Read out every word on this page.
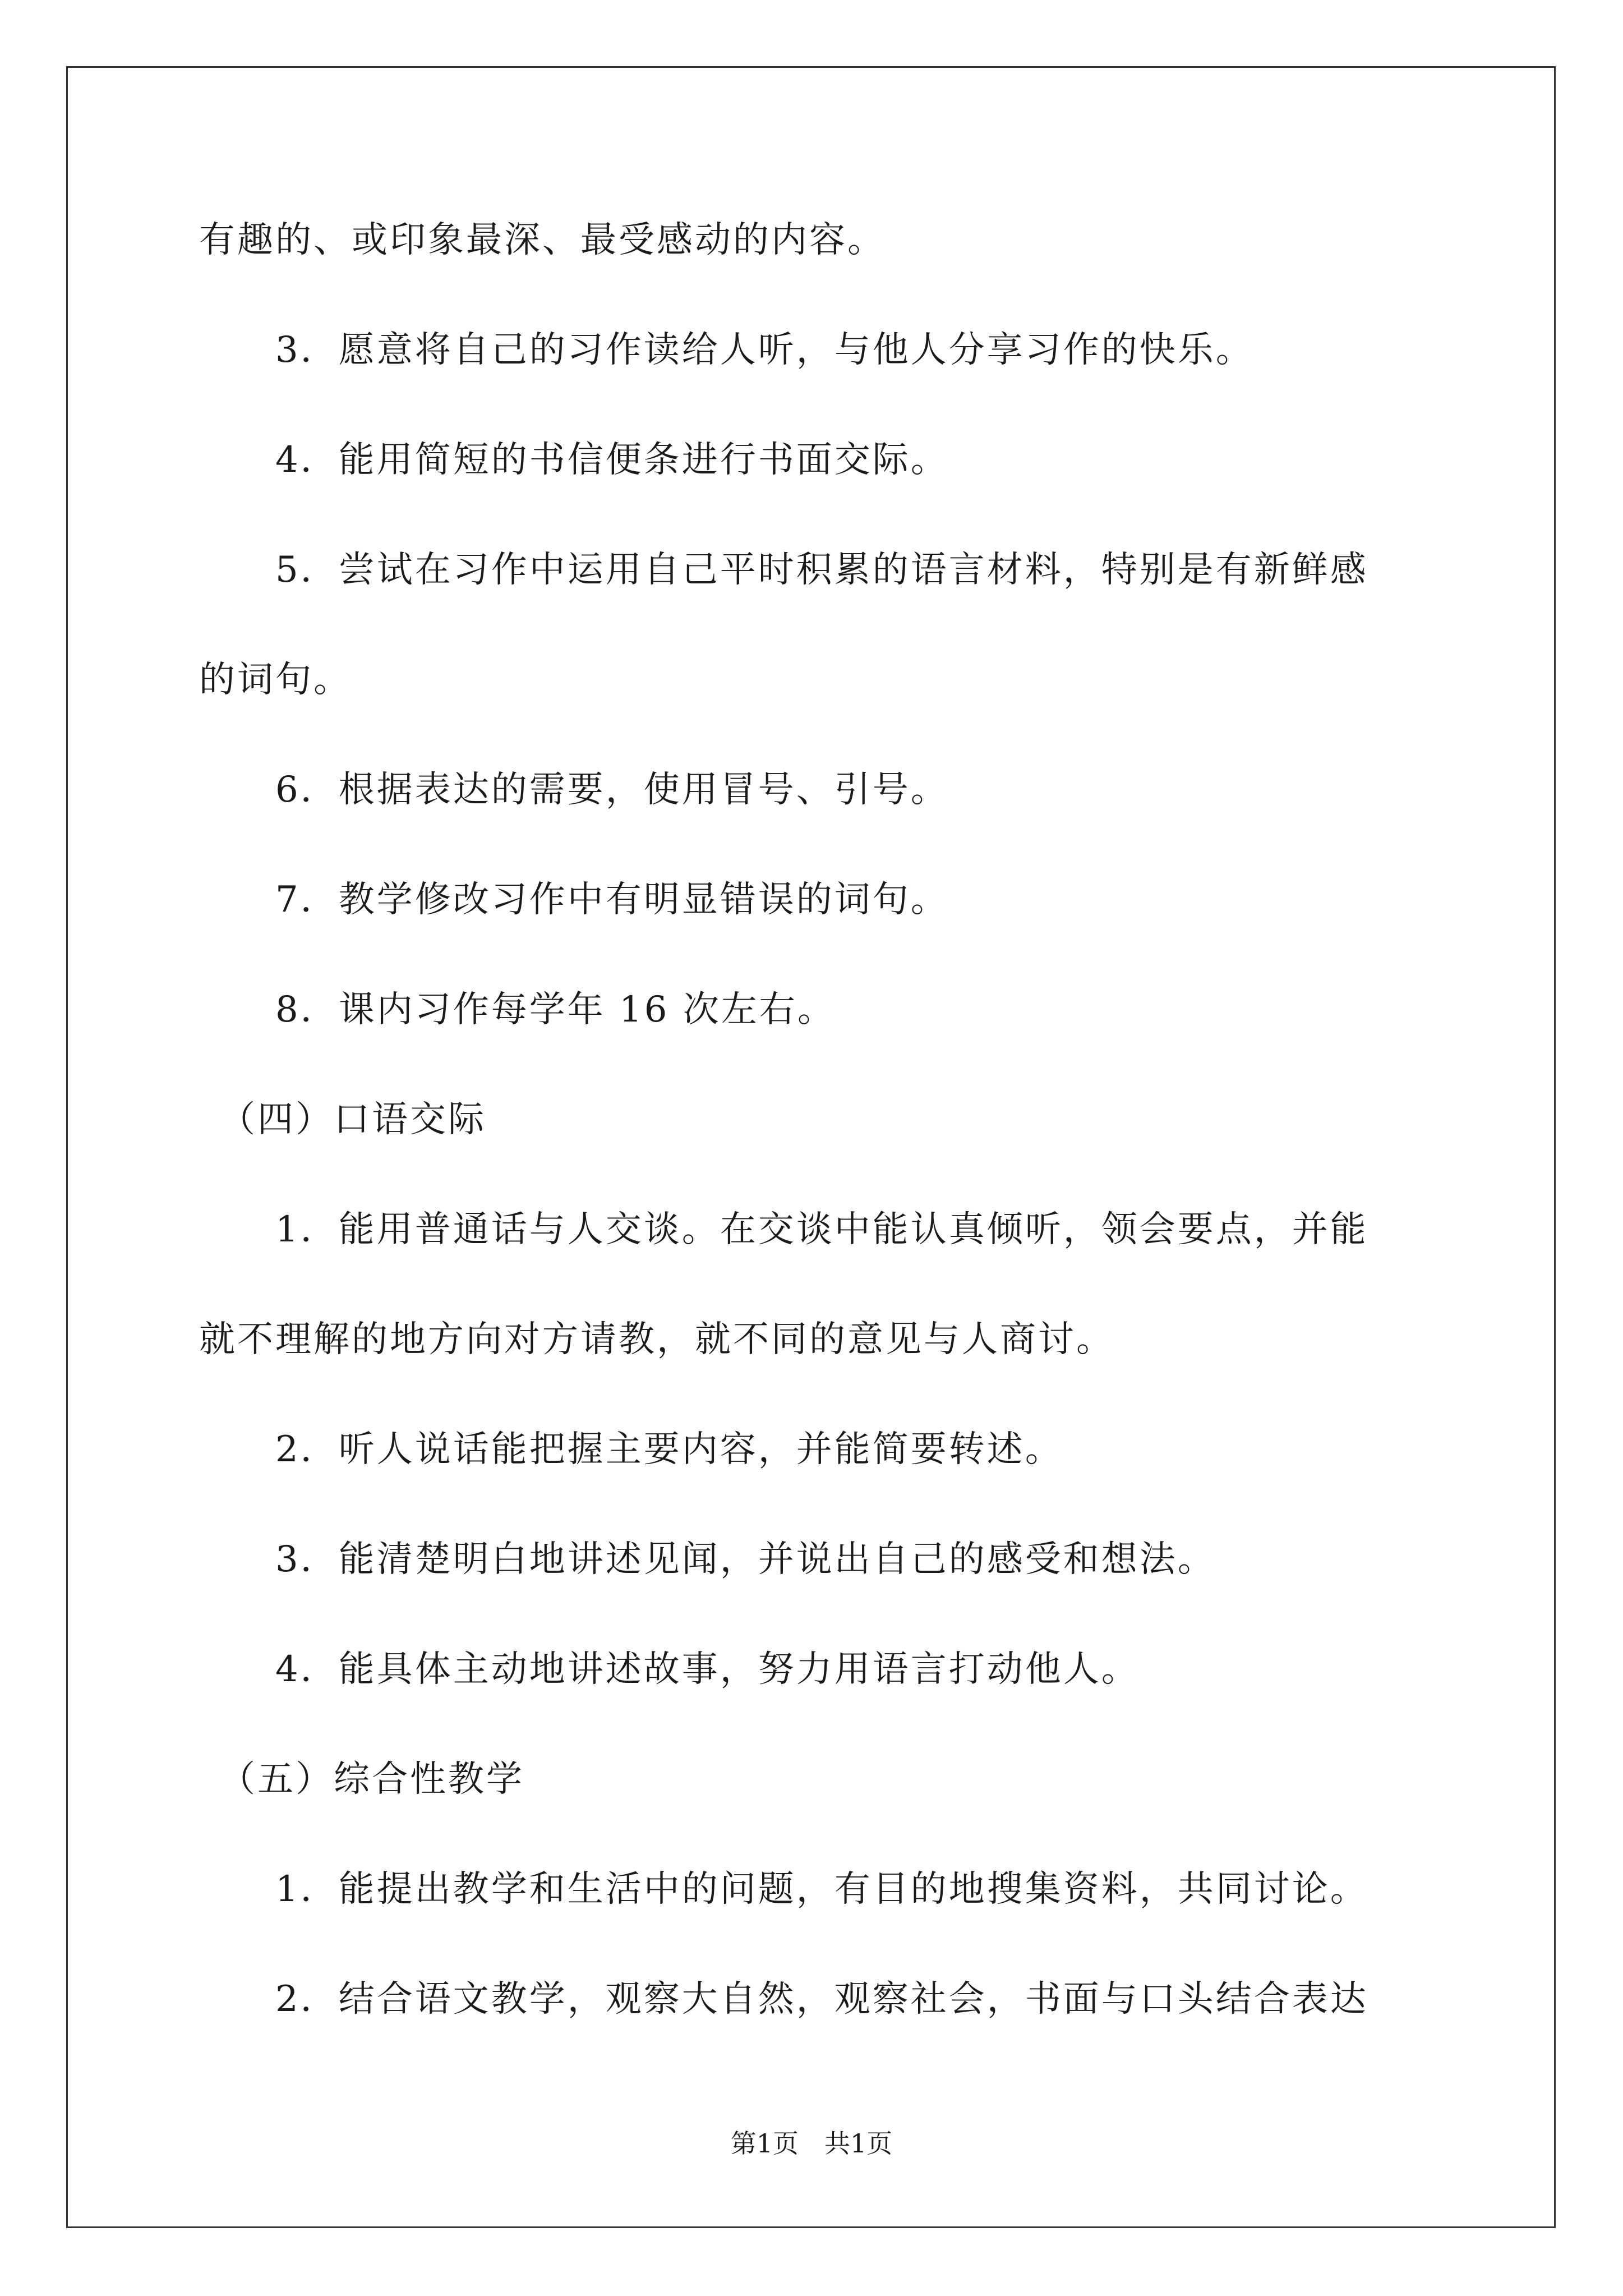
有趣的、或印象最深、最受感动的内容。
　　3．愿意将自己的习作读给人听，与他人分享习作的快乐。
　　4．能用简短的书信便条进行书面交际。
　　5．尝试在习作中运用自己平时积累的语言材料，特别是有新鲜感
的词句。
　　6．根据表达的需要，使用冒号、引号。
　　7．教学修改习作中有明显错误的词句。
　　8．课内习作每学年 16 次左右。
　（四）口语交际
　　1．能用普通话与人交谈。在交谈中能认真倾听，领会要点，并能
就不理解的地方向对方请教，就不同的意见与人商讨。
　　2．听人说话能把握主要内容，并能简要转述。
　　3．能清楚明白地讲述见闻，并说出自己的感受和想法。
　　4．能具体主动地讲述故事，努力用语言打动他人。
　（五）综合性教学
　　1．能提出教学和生活中的问题，有目的地搜集资料，共同讨论。
　　2．结合语文教学，观察大自然，观察社会，书面与口头结合表达
第1页　共1页
